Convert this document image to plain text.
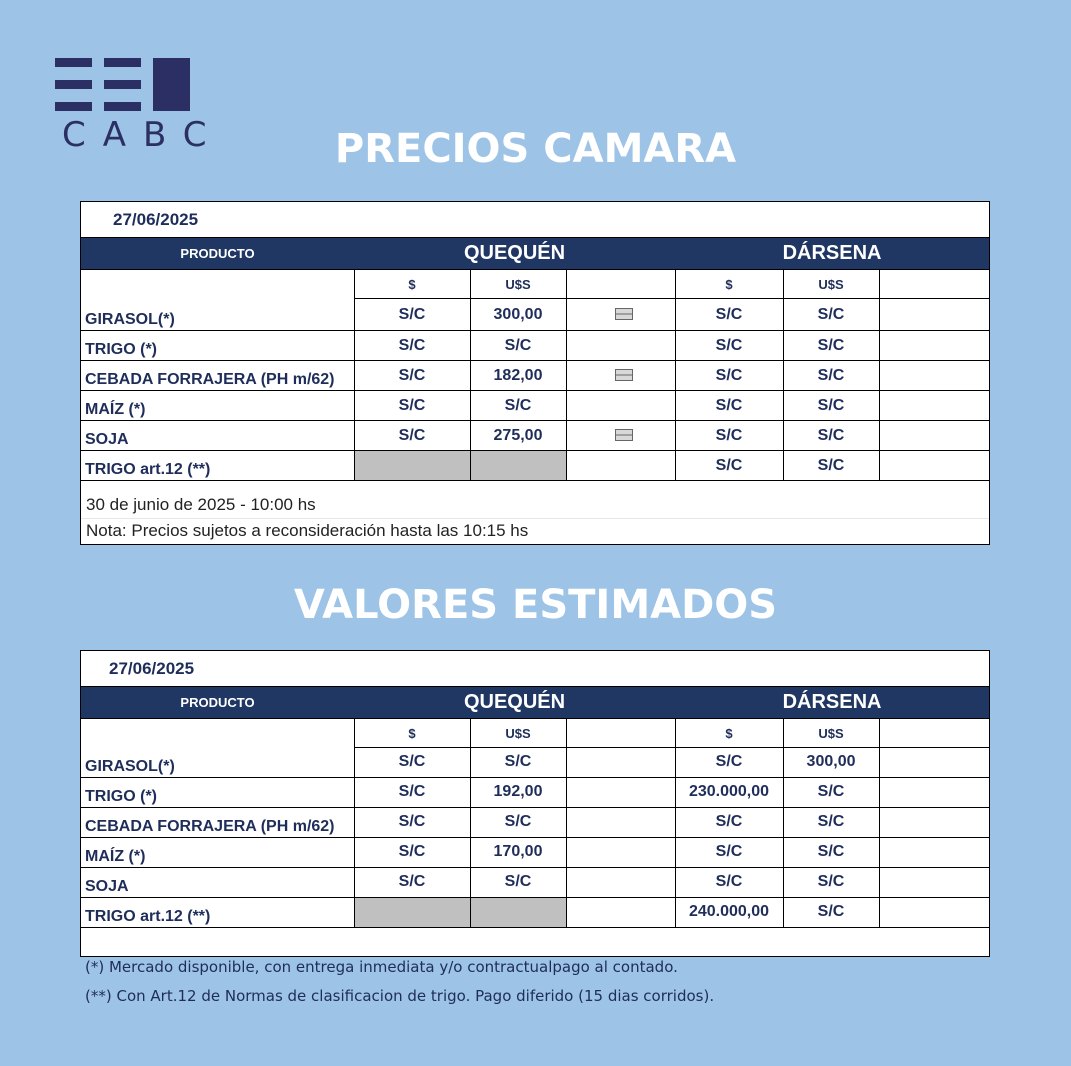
CABC	PRECIOS CAMARA
27/06/2025
PRODUCTO	QUEQUÉN			DÁRSENA		
	$	U$S		$	U$S	
GIRASOL(*)	S/C	300,00		S/C	S/C	
TRIGO (*)	S/C	S/C		S/C	S/C	
CEBADA FORRAJERA (PH m/62)	S/C	182,00		S/C	S/C	
MAÍZ (*)	S/C	S/C		S/C	S/C	
SOJA	S/C	275,00		S/C	S/C	
TRIGO art.12 (**)				S/C	S/C	
30 de junio de 2025 - 10:00 hs
Nota: Precios sujetos a reconsideración hasta las 10:15 hs
VALORES ESTIMADOS
27/06/2025
PRODUCTO	QUEQUÉN			DÁRSENA		
	$	U$S		$	U$S	
GIRASOL(*)	S/C	S/C		S/C	300,00	
TRIGO (*)	S/C	192,00		230.000,00	S/C	
CEBADA FORRAJERA (PH m/62)	S/C	S/C		S/C	S/C	
MAÍZ (*)	S/C	170,00		S/C	S/C	
SOJA	S/C	S/C		S/C	S/C	
TRIGO art.12 (**)				240.000,00	S/C	
(*) Mercado disponible, con entrega inmediata y/o contractualpago al contado.
(**) Con Art.12 de Normas de clasificacion de trigo. Pago diferido (15 dias corridos).
